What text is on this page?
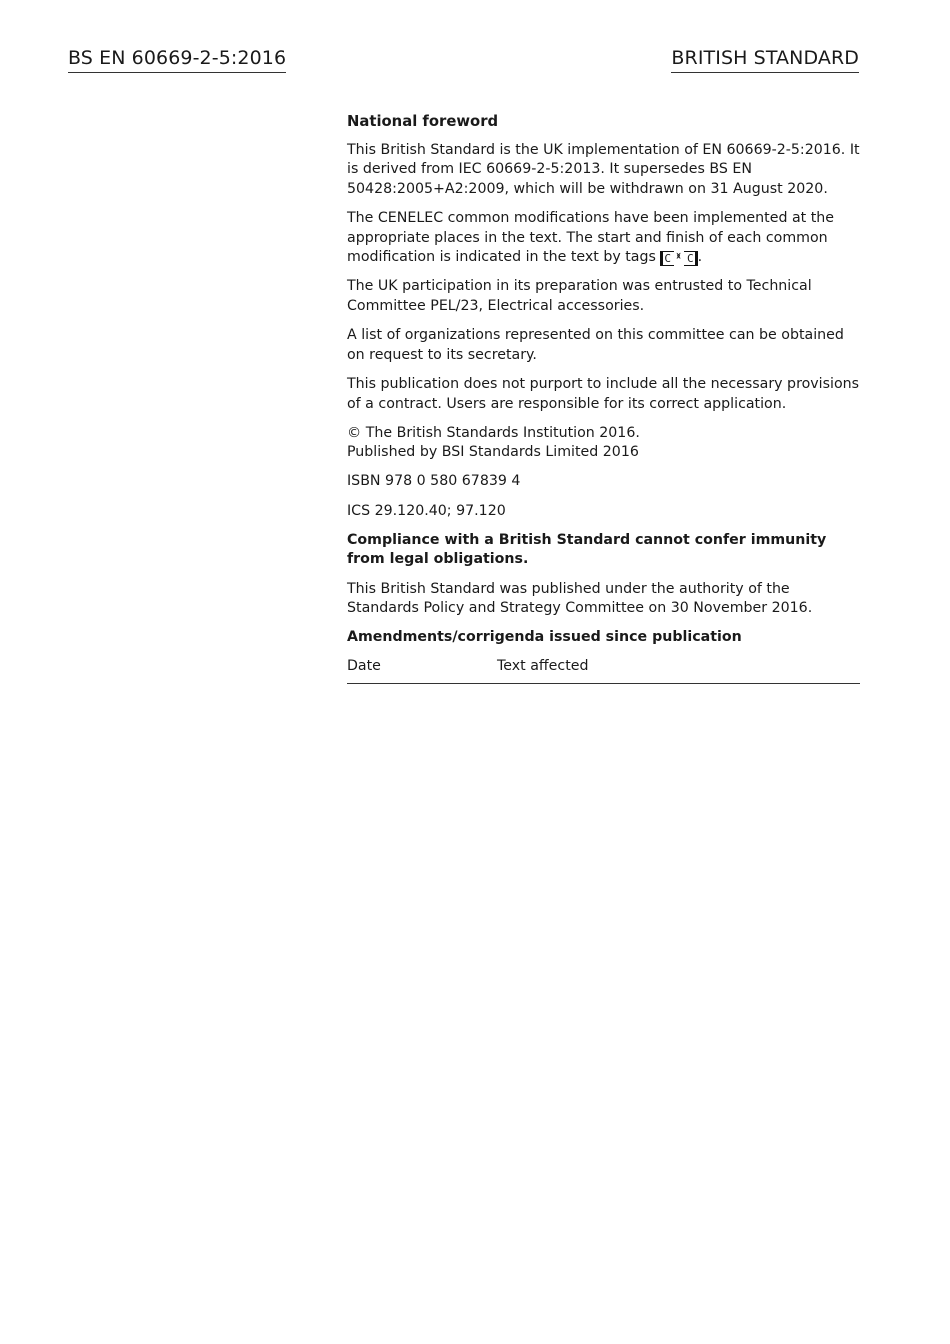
BS EN 60669-2-5:2016	BRITISH STANDARD

National foreword

This British Standard is the UK implementation of EN 60669-2-5:2016. It is derived from IEC 60669-2-5:2013. It supersedes BS EN 50428:2005+A2:2009, which will be withdrawn on 31 August 2020.

The CENELEC common modifications have been implemented at the appropriate places in the text. The start and finish of each common modification is indicated in the text by tags C ›‹ C .

The UK participation in its preparation was entrusted to Technical Committee PEL/23, Electrical accessories.

A list of organizations represented on this committee can be obtained on request to its secretary.

This publication does not purport to include all the necessary provisions of a contract. Users are responsible for its correct application.

© The British Standards Institution 2016.
Published by BSI Standards Limited 2016

ISBN 978 0 580 67839 4

ICS 29.120.40; 97.120

Compliance with a British Standard cannot confer immunity from legal obligations.

This British Standard was published under the authority of the Standards Policy and Strategy Committee on 30 November 2016.

Amendments/corrigenda issued since publication

Date	Text affected
